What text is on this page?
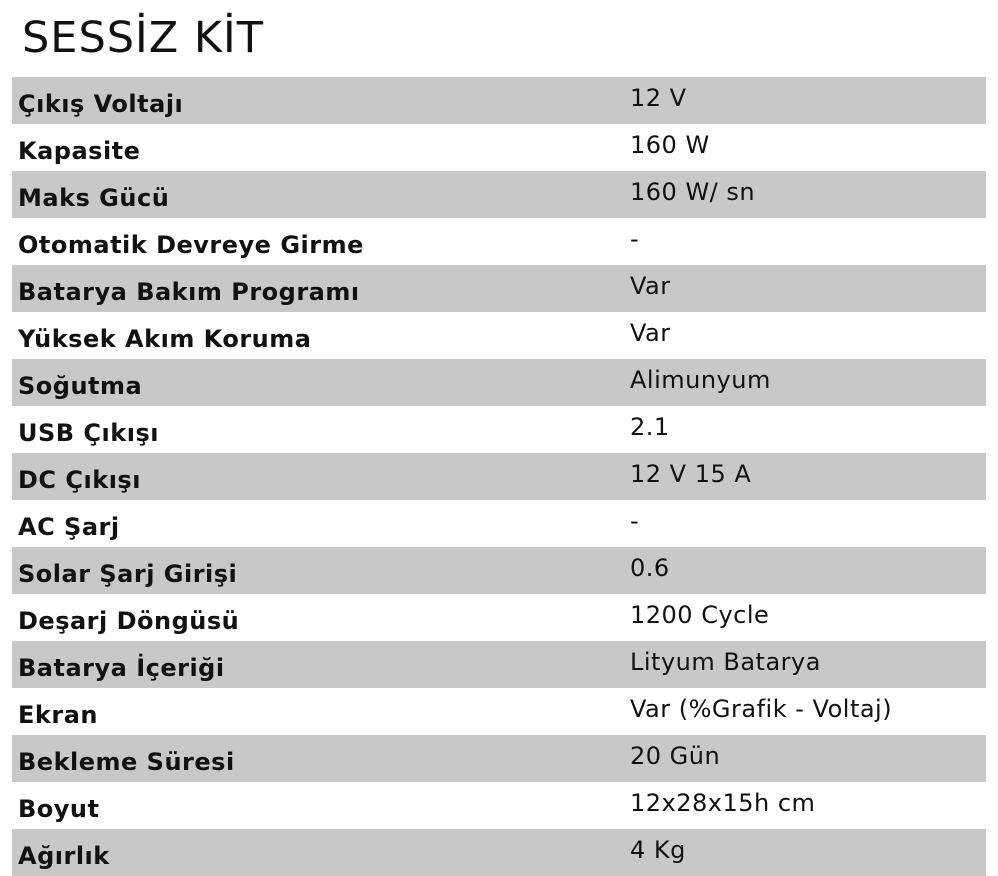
SESSİZ KİT
Çıkış Voltajı	12 V
Kapasite	160 W
Maks Gücü	160 W/ sn
Otomatik Devreye Girme	-
Batarya Bakım Programı	Var
Yüksek Akım Koruma	Var
Soğutma	Alimunyum
USB Çıkışı	2.1
DC Çıkışı	12 V 15 A
AC Şarj	-
Solar Şarj Girişi	0.6
Deşarj Döngüsü	1200 Cycle
Batarya İçeriği	Lityum Batarya
Ekran	Var (%Grafik - Voltaj)
Bekleme Süresi	20 Gün
Boyut	12x28x15h cm
Ağırlık	4 Kg
